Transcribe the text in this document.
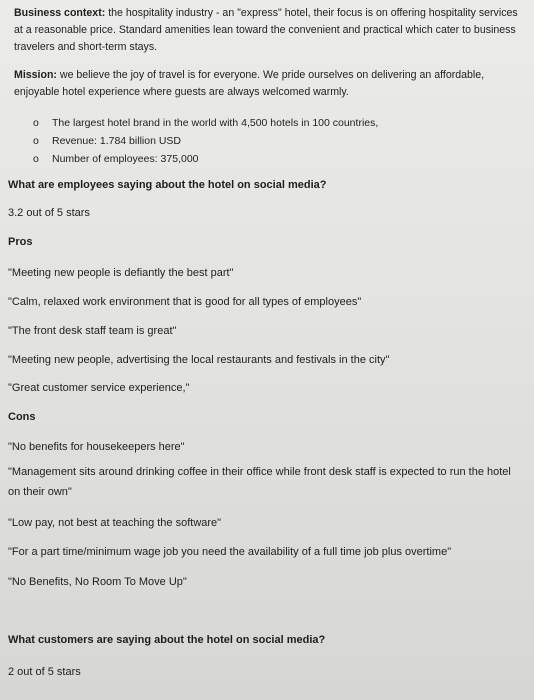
Business context: the hospitality industry - an "express" hotel, their focus is on offering hospitality services at a reasonable price. Standard amenities lean toward the convenient and practical which cater to business travelers and short-term stays.
Mission: we believe the joy of travel is for everyone. We pride ourselves on delivering an affordable, enjoyable hotel experience where guests are always welcomed warmly.
o The largest hotel brand in the world with 4,500 hotels in 100 countries,
o Revenue: 1.784 billion USD
o Number of employees: 375,000
What are employees saying about the hotel on social media?
3.2 out of 5 stars
Pros
"Meeting new people is defiantly the best part"
"Calm, relaxed work environment that is good for all types of employees"
"The front desk staff team is great"
"Meeting new people, advertising the local restaurants and festivals in the city"
"Great customer service experience,"
Cons
"No benefits for housekeepers here"
"Management sits around drinking coffee in their office while front desk staff is expected to run the hotel on their own"
"Low pay, not best at teaching the software"
"For a part time/minimum wage job you need the availability of a full time job plus overtime"
"No Benefits, No Room To Move Up"
What customers are saying about the hotel on social media?
2 out of 5 stars
